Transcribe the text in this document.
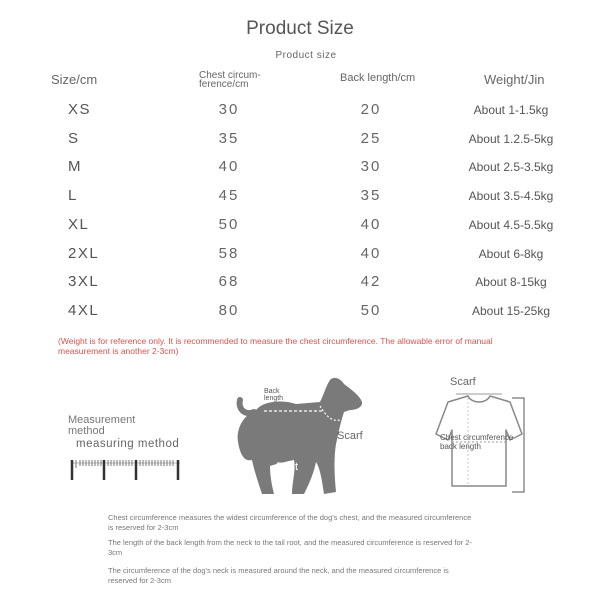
Product Size
Product size
Size/cm	Chest circum-
ference/cm
Back length/cm	Weight/Jin
XS	30	20	About 1-1.5kg
S	35	25	About 1.2.5-5kg
M	40	30	About 2.5-3.5kg
L	45	35	About 3.5-4.5kg
XL	50	40	About 4.5-5.5kg
2XL	58	40	About 6-8kg
3XL	68	42	About 8-15kg
4XL	80	50	About 15-25kg
(Weight is for reference only. It is recommended to measure the chest circumference. The allowable error of manual measurement is another 2-3cm)
Measurement
method
measuring method
Back
length
Scarf
Bust
Scarf
Chest circumference
back length
Chest circumference measures the widest circumference of the dog's chest, and the measured circumference is reserved for 2-3cm
The length of the back length from the neck to the tail root, and the measured circumference is reserved for 2-3cm
The circumference of the dog's neck is measured around the neck, and the measured circumference is reserved for 2-3cm
